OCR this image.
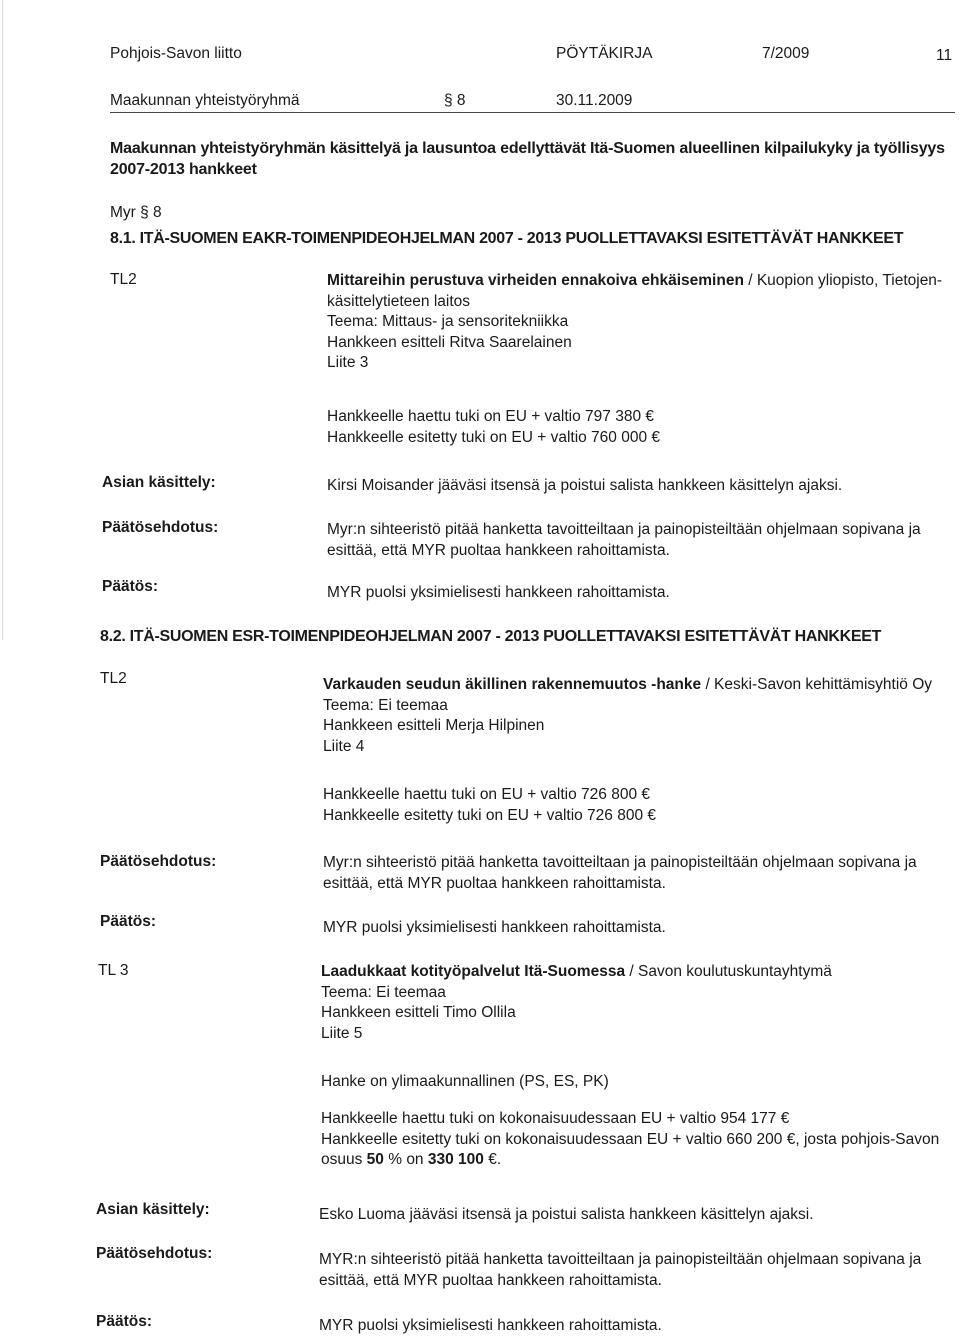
Pohjois-Savon liitto	PÖYTÄKIRJA	7/2009	11
Maakunnan yhteistyöryhmä	§ 8	30.11.2009
Maakunnan yhteistyöryhmän käsittelyä ja lausuntoa edellyttävät Itä-Suomen alueellinen kilpailukyky ja työllisyys
2007-2013 hankkeet
Myr § 8
8.1. ITÄ-SUOMEN EAKR-TOIMENPIDEOHJELMAN 2007 - 2013 PUOLLETTAVAKSI ESITETTÄVÄT HANKKEET
TL2	Mittareihin perustuva virheiden ennakoiva ehkäiseminen / Kuopion yliopisto, Tietojen-
käsittelytieteen laitos
Teema: Mittaus- ja sensoritekniikka
Hankkeen esitteli Ritva Saarelainen
Liite 3
Hankkeelle haettu tuki on EU + valtio 797 380 €
Hankkeelle esitetty tuki on EU + valtio 760 000 €
Asian käsittely:	Kirsi Moisander jääväsi itsensä ja poistui salista hankkeen käsittelyn ajaksi.
Päätösehdotus:	Myr:n sihteeristö pitää hanketta tavoitteiltaan ja painopisteiltään ohjelmaan sopivana ja
esittää, että MYR puoltaa hankkeen rahoittamista.
Päätös:	MYR puolsi yksimielisesti hankkeen rahoittamista.
8.2. ITÄ-SUOMEN ESR-TOIMENPIDEOHJELMAN 2007 - 2013 PUOLLETTAVAKSI ESITETTÄVÄT HANKKEET
TL2	Varkauden seudun äkillinen rakennemuutos -hanke / Keski-Savon kehittämisyhtiö Oy
Teema: Ei teemaa
Hankkeen esitteli Merja Hilpinen
Liite 4
Hankkeelle haettu tuki on EU + valtio 726 800 €
Hankkeelle esitetty tuki on EU + valtio 726 800 €
Päätösehdotus:	Myr:n sihteeristö pitää hanketta tavoitteiltaan ja painopisteiltään ohjelmaan sopivana ja
esittää, että MYR puoltaa hankkeen rahoittamista.
Päätös:	MYR puolsi yksimielisesti hankkeen rahoittamista.
TL 3	Laadukkaat kotityöpalvelut Itä-Suomessa / Savon koulutuskuntayhtymä
Teema: Ei teemaa
Hankkeen esitteli Timo Ollila
Liite 5
Hanke on ylimaakunnallinen (PS, ES, PK)
Hankkeelle haettu tuki on kokonaisuudessaan EU + valtio 954 177 €
Hankkeelle esitetty tuki on kokonaisuudessaan EU + valtio 660 200 €, josta pohjois-Savon
osuus 50 % on 330 100 €.
Asian käsittely:	Esko Luoma jääväsi itsensä ja poistui salista hankkeen käsittelyn ajaksi.
Päätösehdotus:	MYR:n sihteeristö pitää hanketta tavoitteiltaan ja painopisteiltään ohjelmaan sopivana ja
esittää, että MYR puoltaa hankkeen rahoittamista.
Päätös:	MYR puolsi yksimielisesti hankkeen rahoittamista.
